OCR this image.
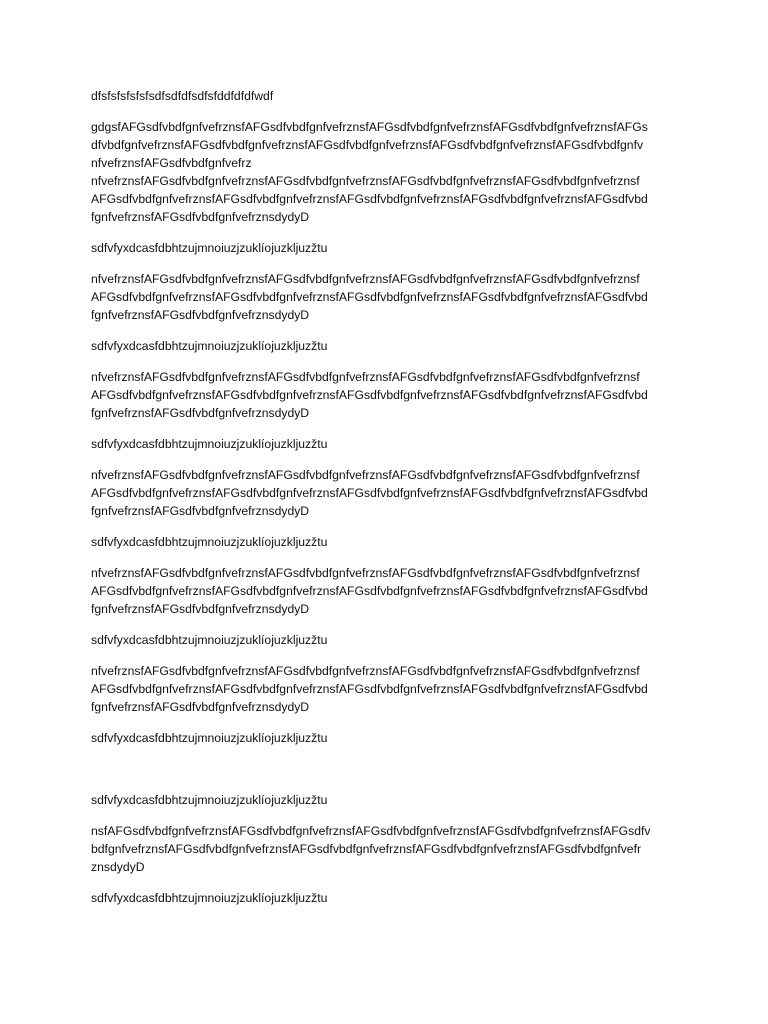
dfsfsfsfsfsfsdfsdfdfsdfsfddfdfdfwdf
gdgsfAFGsdfvbdfgnfvefrznsfAFGsdfvbdfgnfvefrznsfAFGsdfvbdfgnfvefrznsfAFGsdfvbdfgnfvefrznsfAFGs
dfvbdfgnfvefrznsfAFGsdfvbdfgnfvefrznsfAFGsdfvbdfgnfvefrznsfAFGsdfvbdfgnfvefrznsfAFGsdfvbdfgnfv
nfvefrznsfAFGsdfvbdfgnfvefrz
nfvefrznsfAFGsdfvbdfgnfvefrznsfAFGsdfvbdfgnfvefrznsfAFGsdfvbdfgnfvefrznsfAFGsdfvbdfgnfvefrznsf
AFGsdfvbdfgnfvefrznsfAFGsdfvbdfgnfvefrznsfAFGsdfvbdfgnfvefrznsfAFGsdfvbdfgnfvefrznsfAFGsdfvbd
fgnfvefrznsfAFGsdfvbdfgnfvefrznsdydyD
sdfvfyxdcasfdbhtzujmnoiuzjzuklíojuzkljuzžtu
nfvefrznsfAFGsdfvbdfgnfvefrznsfAFGsdfvbdfgnfvefrznsfAFGsdfvbdfgnfvefrznsfAFGsdfvbdfgnfvefrznsf
AFGsdfvbdfgnfvefrznsfAFGsdfvbdfgnfvefrznsfAFGsdfvbdfgnfvefrznsfAFGsdfvbdfgnfvefrznsfAFGsdfvbd
fgnfvefrznsfAFGsdfvbdfgnfvefrznsdydyD
sdfvfyxdcasfdbhtzujmnoiuzjzuklíojuzkljuzžtu
nfvefrznsfAFGsdfvbdfgnfvefrznsfAFGsdfvbdfgnfvefrznsfAFGsdfvbdfgnfvefrznsfAFGsdfvbdfgnfvefrznsf
AFGsdfvbdfgnfvefrznsfAFGsdfvbdfgnfvefrznsfAFGsdfvbdfgnfvefrznsfAFGsdfvbdfgnfvefrznsfAFGsdfvbd
fgnfvefrznsfAFGsdfvbdfgnfvefrznsdydyD
sdfvfyxdcasfdbhtzujmnoiuzjzuklíojuzkljuzžtu
nfvefrznsfAFGsdfvbdfgnfvefrznsfAFGsdfvbdfgnfvefrznsfAFGsdfvbdfgnfvefrznsfAFGsdfvbdfgnfvefrznsf
AFGsdfvbdfgnfvefrznsfAFGsdfvbdfgnfvefrznsfAFGsdfvbdfgnfvefrznsfAFGsdfvbdfgnfvefrznsfAFGsdfvbd
fgnfvefrznsfAFGsdfvbdfgnfvefrznsdydyD
sdfvfyxdcasfdbhtzujmnoiuzjzuklíojuzkljuzžtu
nfvefrznsfAFGsdfvbdfgnfvefrznsfAFGsdfvbdfgnfvefrznsfAFGsdfvbdfgnfvefrznsfAFGsdfvbdfgnfvefrznsf
AFGsdfvbdfgnfvefrznsfAFGsdfvbdfgnfvefrznsfAFGsdfvbdfgnfvefrznsfAFGsdfvbdfgnfvefrznsfAFGsdfvbd
fgnfvefrznsfAFGsdfvbdfgnfvefrznsdydyD
sdfvfyxdcasfdbhtzujmnoiuzjzuklíojuzkljuzžtu
nfvefrznsfAFGsdfvbdfgnfvefrznsfAFGsdfvbdfgnfvefrznsfAFGsdfvbdfgnfvefrznsfAFGsdfvbdfgnfvefrznsf
AFGsdfvbdfgnfvefrznsfAFGsdfvbdfgnfvefrznsfAFGsdfvbdfgnfvefrznsfAFGsdfvbdfgnfvefrznsfAFGsdfvbd
fgnfvefrznsfAFGsdfvbdfgnfvefrznsdydyD
sdfvfyxdcasfdbhtzujmnoiuzjzuklíojuzkljuzžtu
sdfvfyxdcasfdbhtzujmnoiuzjzuklíojuzkljuzžtu
nsfAFGsdfvbdfgnfvefrznsfAFGsdfvbdfgnfvefrznsfAFGsdfvbdfgnfvefrznsfAFGsdfvbdfgnfvefrznsfAFGsdfv
bdfgnfvefrznsfAFGsdfvbdfgnfvefrznsfAFGsdfvbdfgnfvefrznsfAFGsdfvbdfgnfvefrznsfAFGsdfvbdfgnfvefr
znsdydyD
sdfvfyxdcasfdbhtzujmnoiuzjzuklíojuzkljuzžtu
